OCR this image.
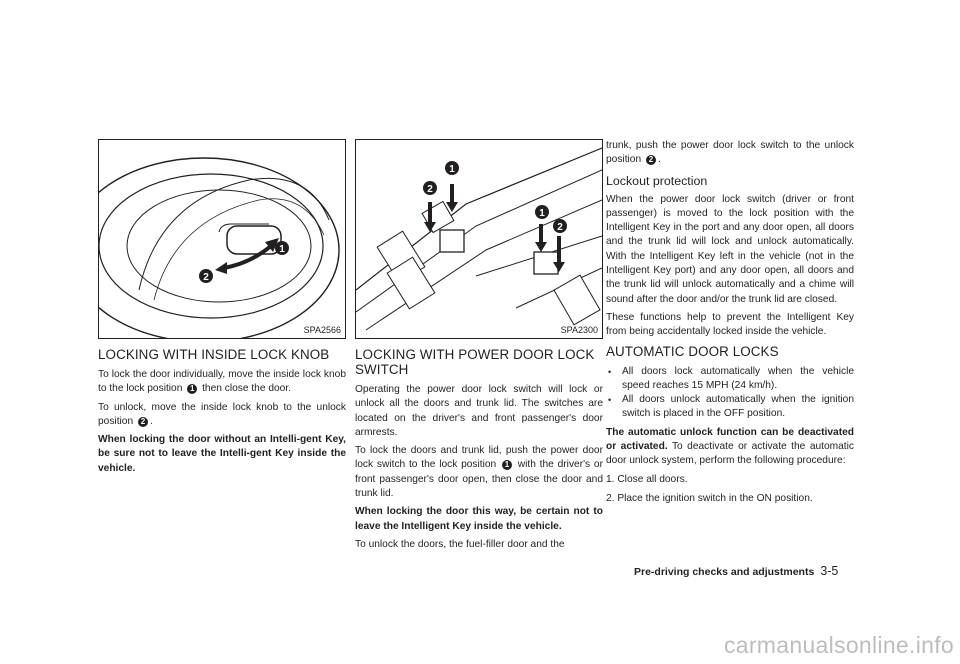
1
2
SPA2566
LOCKING WITH INSIDE LOCK KNOB

To lock the door individually, move the inside lock knob to the lock position 1 then close the door.

To unlock, move the inside lock knob to the unlock position 2 .

When locking the door without an Intelli-gent Key, be sure not to leave the Intelli-gent Key inside the vehicle.

1
2
1
2
SPA2300
LOCKING WITH POWER DOOR LOCK SWITCH

Operating the power door lock switch will lock or unlock all the doors and trunk lid. The switches are located on the driver's and front passenger's door armrests.

To lock the doors and trunk lid, push the power door lock switch to the lock position 1 with the driver's or front passenger's door open, then close the door and trunk lid.

When locking the door this way, be certain not to leave the Intelligent Key inside the vehicle.

To unlock the doors, the fuel-filler door and the

trunk, push the power door lock switch to the unlock position 2 .

Lockout protection

When the power door lock switch (driver or front passenger) is moved to the lock position with the Intelligent Key in the port and any door open, all doors and the trunk lid will lock and unlock automatically. With the Intelligent Key left in the vehicle (not in the Intelligent Key port) and any door open, all doors and the trunk lid will unlock automatically and a chime will sound after the door and/or the trunk lid are closed.

These functions help to prevent the Intelligent Key from being accidentally locked inside the vehicle.

AUTOMATIC DOOR LOCKS
• All doors lock automatically when the vehicle speed reaches 15 MPH (24 km/h).
• All doors unlock automatically when the ignition switch is placed in the OFF position.

The automatic unlock function can be deactivated or activated. To deactivate or activate the automatic door unlock system, perform the following procedure:

1. Close all doors.
2. Place the ignition switch in the ON position.
Pre-driving checks and adjustments 3-5
carmanualsonline.info
